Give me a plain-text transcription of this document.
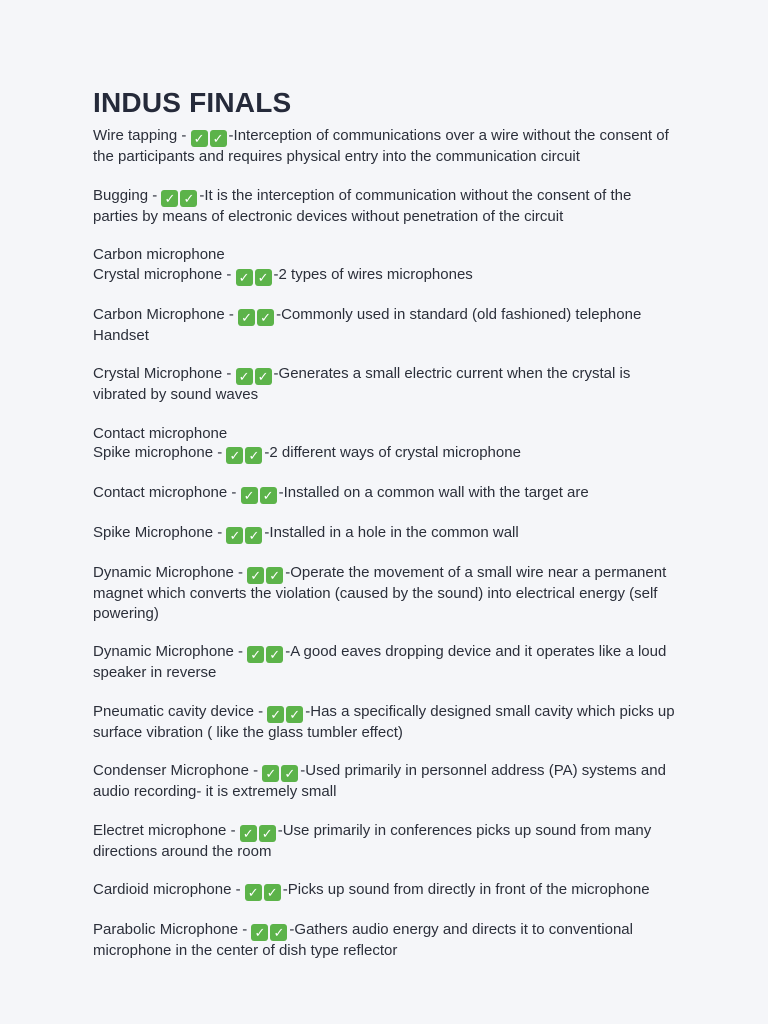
INDUS FINALS

Wire tapping - ✓ ✓ -Interception of communications over a wire without the consent of the participants and requires physical entry into the communication circuit

Bugging - ✓ ✓ -It is the interception of communication without the consent of the parties by means of electronic devices without penetration of the circuit

Carbon microphone
Crystal microphone - ✓ ✓ -2 types of wires microphones

Carbon Microphone - ✓ ✓ -Commonly used in standard (old fashioned) telephone Handset

Crystal Microphone - ✓ ✓ -Generates a small electric current when the crystal is vibrated by sound waves

Contact microphone
Spike microphone - ✓ ✓ -2 different ways of crystal microphone

Contact microphone - ✓ ✓ -Installed on a common wall with the target are

Spike Microphone - ✓ ✓ -Installed in a hole in the common wall

Dynamic Microphone - ✓ ✓ -Operate the movement of a small wire near a permanent magnet which converts the violation (caused by the sound) into electrical energy (self powering)

Dynamic Microphone - ✓ ✓ -A good eaves dropping device and it operates like a loud speaker in reverse

Pneumatic cavity device - ✓ ✓ -Has a specifically designed small cavity which picks up surface vibration ( like the glass tumbler effect)

Condenser Microphone - ✓ ✓ -Used primarily in personnel address (PA) systems and audio recording- it is extremely small

Electret microphone - ✓ ✓ -Use primarily in conferences picks up sound from many directions around the room

Cardioid microphone - ✓ ✓ -Picks up sound from directly in front of the microphone

Parabolic Microphone - ✓ ✓ -Gathers audio energy and directs it to conventional microphone in the center of dish type reflector
